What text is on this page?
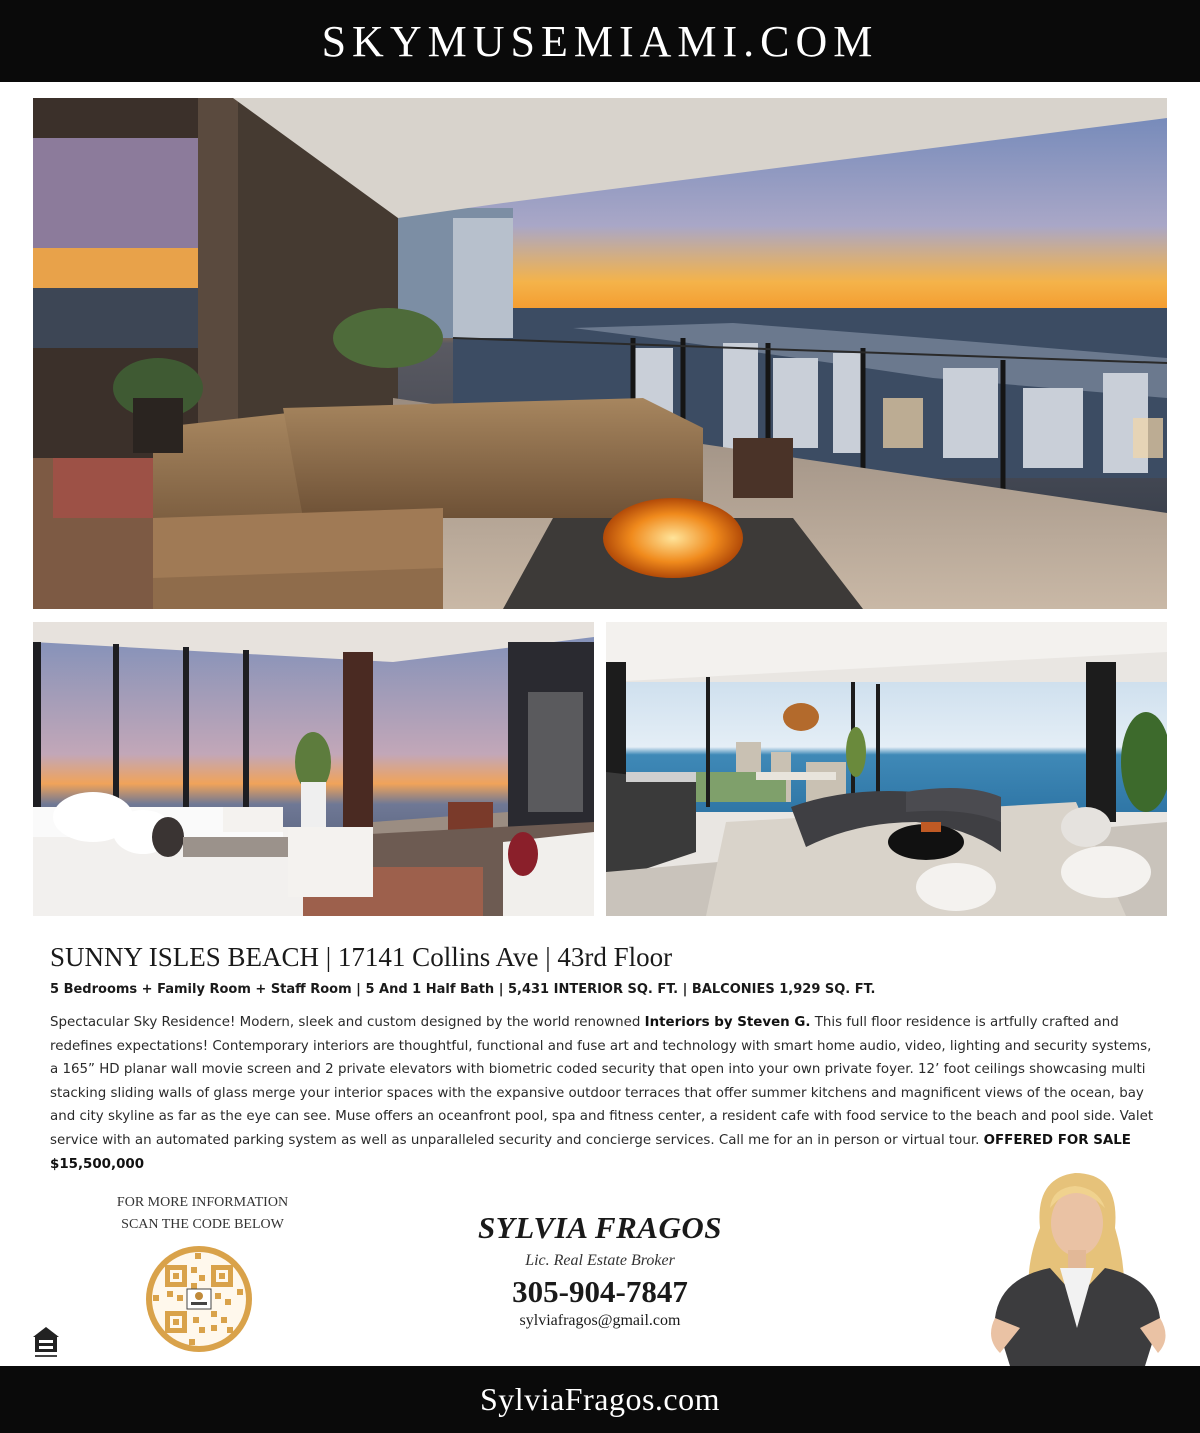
SKYMUSEMIAMI.COM
SUNNY ISLES BEACH | 17141 Collins Ave | 43rd Floor
5 Bedrooms + Family Room + Staff Room | 5 And 1 Half Bath | 5,431 INTERIOR SQ. FT. | BALCONIES 1,929 SQ. FT.
Spectacular Sky Residence! Modern, sleek and custom designed by the world renowned Interiors by Steven G. This full floor residence is artfully crafted and redefines expectations! Contemporary interiors are thoughtful, functional and fuse art and technology with smart home audio, video, lighting and security systems, a 165” HD planar wall movie screen and 2 private elevators with biometric coded security that open into your own private foyer. 12’ foot ceilings showcasing multi stacking sliding walls of glass merge your interior spaces with the expansive outdoor terraces that offer summer kitchens and magnificent views of the ocean, bay and city skyline as far as the eye can see. Muse offers an oceanfront pool, spa and fitness center, a resident cafe with food service to the beach and pool side. Valet service with an automated parking system as well as unparalleled security and concierge services. Call me for an in person or virtual tour. OFFERED FOR SALE $15,500,000
FOR MORE INFORMATION
SCAN THE CODE BELOW	SYLVIA FRAGOS
Lic. Real Estate Broker
305-904-7847
sylviafragos@gmail.com
SylviaFragos.com
